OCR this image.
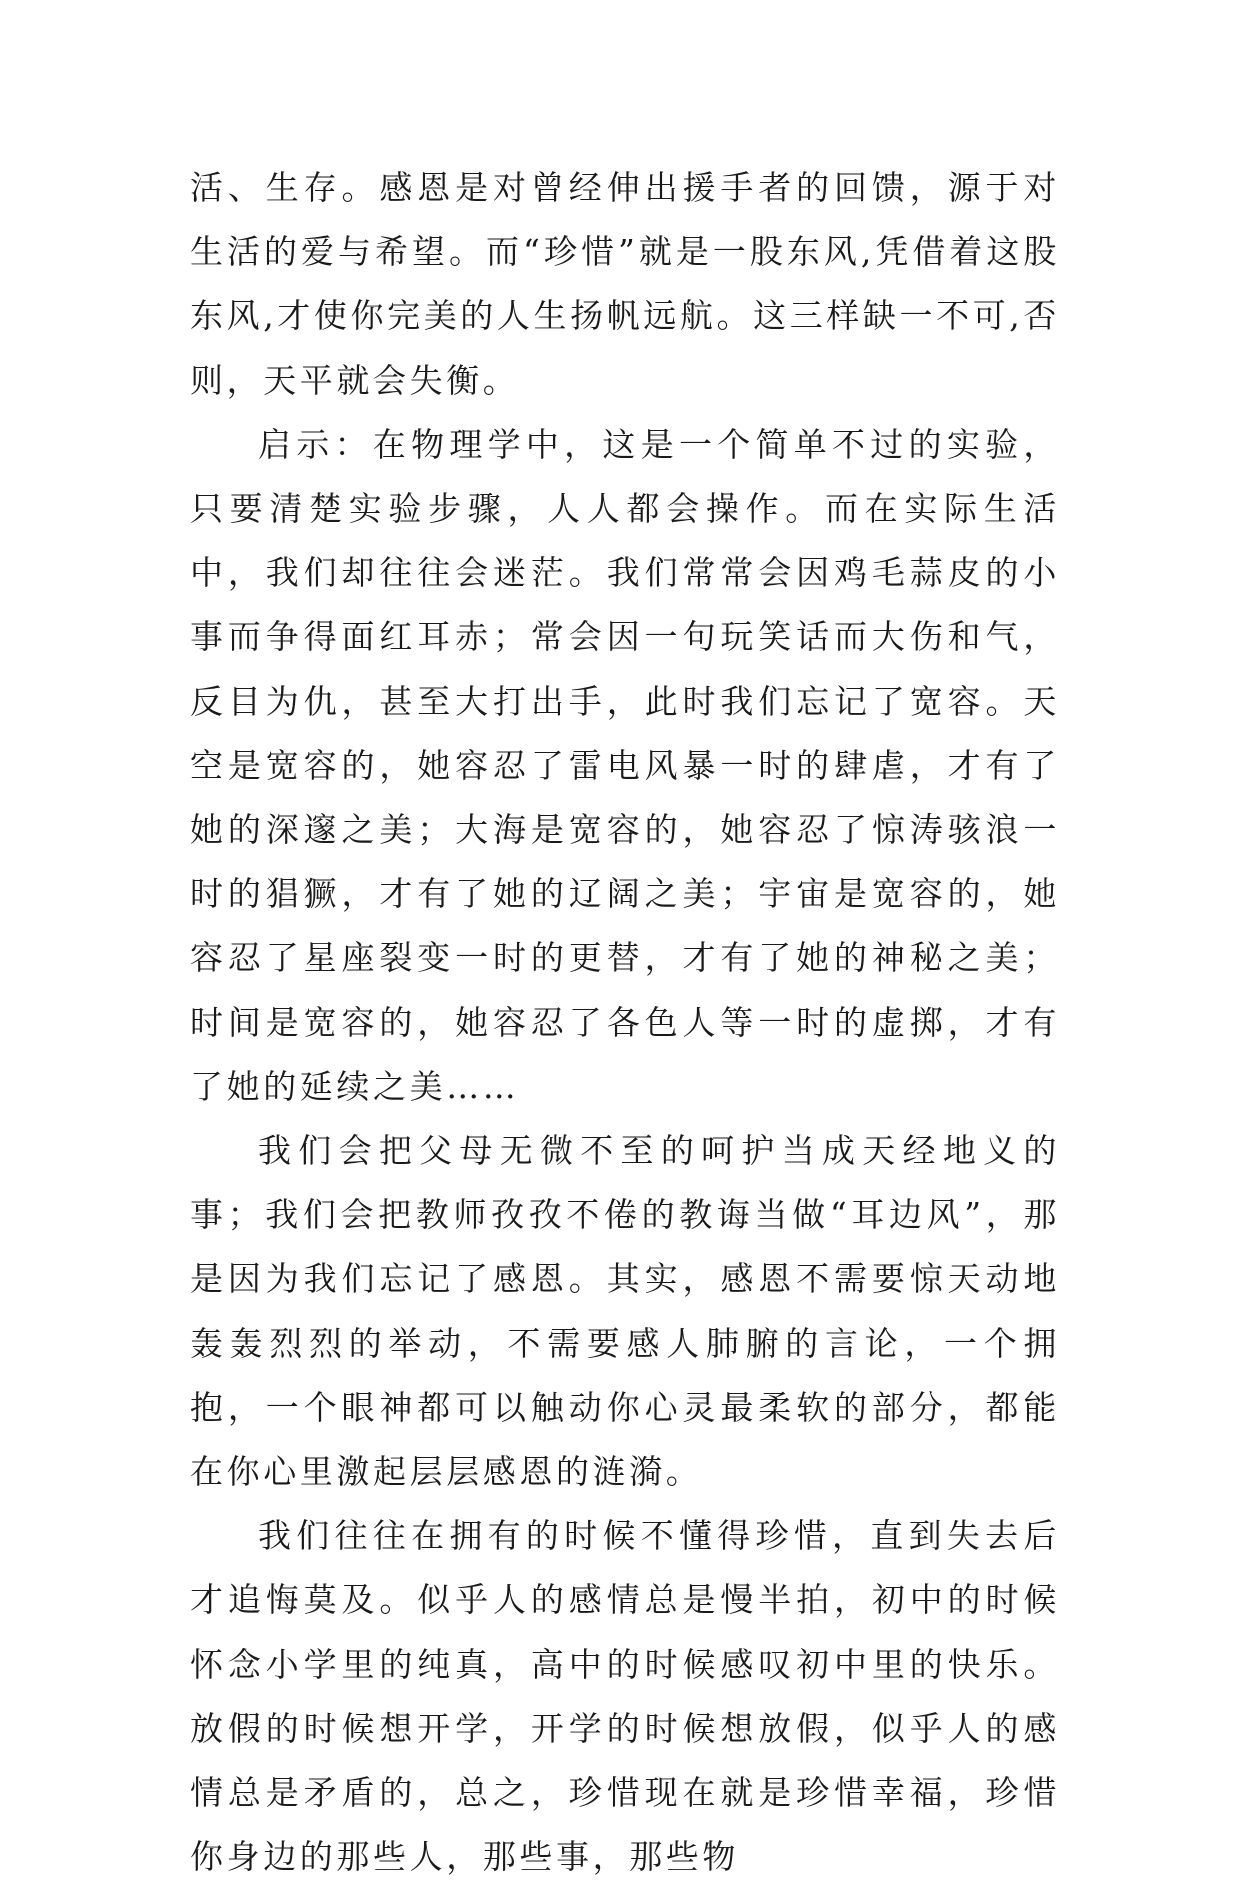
活、生存。感恩是对曾经伸出援手者的回馈，源于对生活的爱与希望。而“珍惜”就是一股东风,凭借着这股东风,才使你完美的人生扬帆远航。这三样缺一不可,否则，天平就会失衡。

启示：在物理学中，这是一个简单不过的实验，只要清楚实验步骤，人人都会操作。而在实际生活中，我们却往往会迷茫。我们常常会因鸡毛蒜皮的小事而争得面红耳赤；常会因一句玩笑话而大伤和气，反目为仇，甚至大打出手，此时我们忘记了宽容。天空是宽容的，她容忍了雷电风暴一时的肆虐，才有了她的深邃之美；大海是宽容的，她容忍了惊涛骇浪一时的猖獗，才有了她的辽阔之美；宇宙是宽容的，她容忍了星座裂变一时的更替，才有了她的神秘之美；时间是宽容的，她容忍了各色人等一时的虚掷，才有了她的延续之美……

我们会把父母无微不至的呵护当成天经地义的事；我们会把教师孜孜不倦的教诲当做“耳边风”，那是因为我们忘记了感恩。其实，感恩不需要惊天动地轰轰烈烈的举动，不需要感人肺腑的言论，一个拥抱，一个眼神都可以触动你心灵最柔软的部分，都能在你心里激起层层感恩的涟漪。

我们往往在拥有的时候不懂得珍惜，直到失去后才追悔莫及。似乎人的感情总是慢半拍，初中的时候怀念小学里的纯真，高中的时候感叹初中里的快乐。放假的时候想开学，开学的时候想放假，似乎人的感情总是矛盾的，总之，珍惜现在就是珍惜幸福，珍惜你身边的那些人，那些事，那些物
